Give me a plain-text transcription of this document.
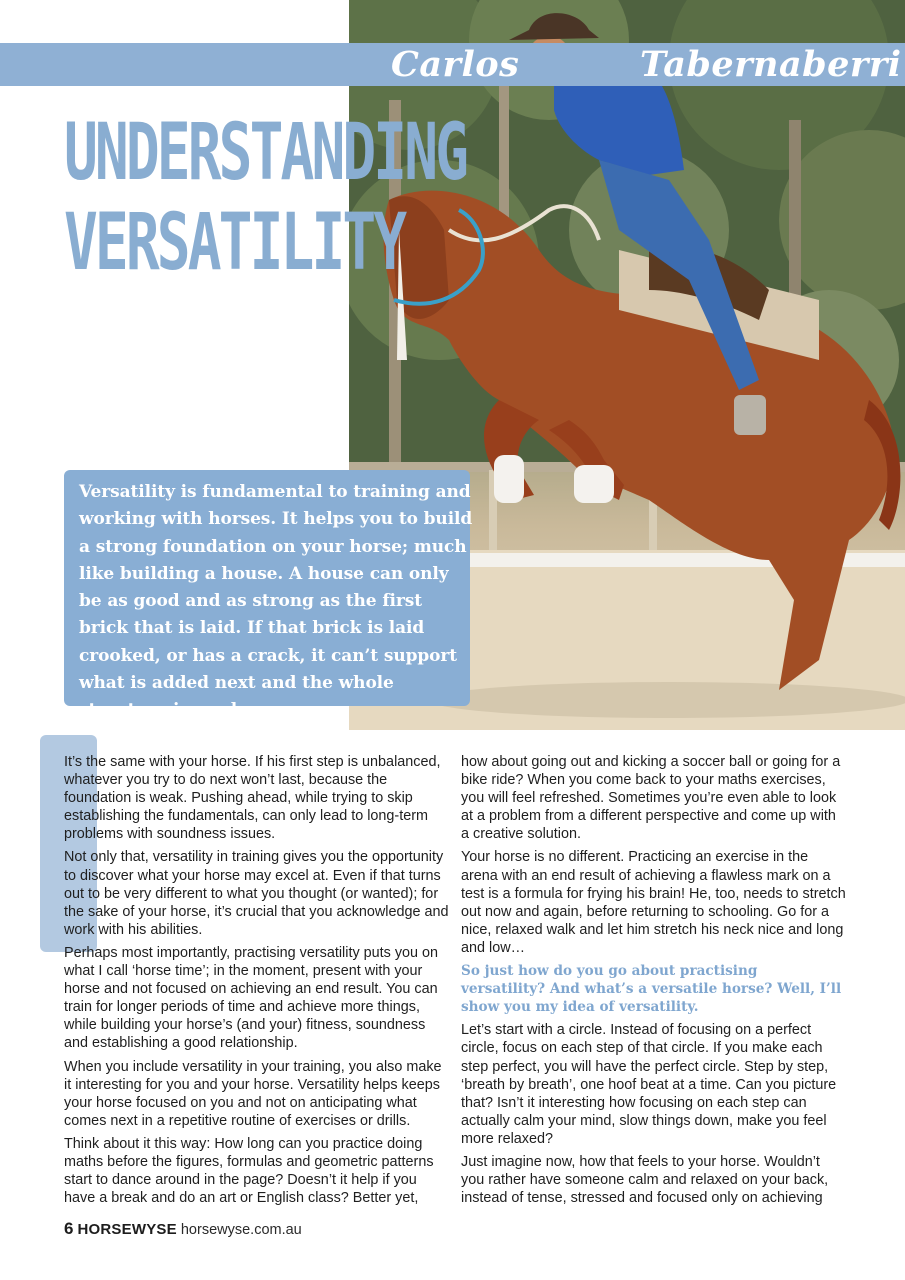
Carlos	Tabernaberri
UNDERSTANDING
VERSATILITY

Versatility is fundamental to training and working with horses. It helps you to build a strong foundation on your horse; much like building a house. A house can only be as good and as strong as the first brick that is laid. If that brick is laid crooked, or has a crack, it can’t support what is added next and the whole structure is weak.

It’s the same with your horse. If his first step is unbalanced, whatever you try to do next won’t last, because the foundation is weak. Pushing ahead, while trying to skip establishing the fundamentals, can only lead to long-term problems with soundness issues.

Not only that, versatility in training gives you the opportunity to discover what your horse may excel at. Even if that turns out to be very different to what you thought (or wanted); for the sake of your horse, it’s crucial that you acknowledge and work with his abilities.

Perhaps most importantly, practising versatility puts you on what I call ‘horse time’; in the moment, present with your horse and not focused on achieving an end result. You can train for longer periods of time and achieve more things, while building your horse’s (and your) fitness, soundness and establishing a good relationship.

When you include versatility in your training, you also make it interesting for you and your horse. Versatility helps keeps your horse focused on you and not on anticipating what comes next in a repetitive routine of exercises or drills.

Think about it this way: How long can you practice doing maths before the figures, formulas and geometric patterns start to dance around in the page? Doesn’t it help if you have a break and do an art or English class? Better yet,

how about going out and kicking a soccer ball or going for a bike ride? When you come back to your maths exercises, you will feel refreshed. Sometimes you’re even able to look at a problem from a different perspective and come up with a creative solution.

Your horse is no different. Practicing an exercise in the arena with an end result of achieving a flawless mark on a test is a formula for frying his brain! He, too, needs to stretch out now and again, before returning to schooling. Go for a nice, relaxed walk and let him stretch his neck nice and long and low…

So just how do you go about practising versatility? And what’s a versatile horse? Well, I’ll show you my idea of versatility.

Let’s start with a circle. Instead of focusing on a perfect circle, focus on each step of that circle. If you make each step perfect, you will have the perfect circle. Step by step, ‘breath by breath’, one hoof beat at a time. Can you picture that? Isn’t it interesting how focusing on each step can actually calm your mind, slow things down, make you feel more relaxed?

Just imagine now, how that feels to your horse. Wouldn’t you rather have someone calm and relaxed on your back, instead of tense, stressed and focused only on achieving

6 HORSEWYSE horsewyse.com.au
